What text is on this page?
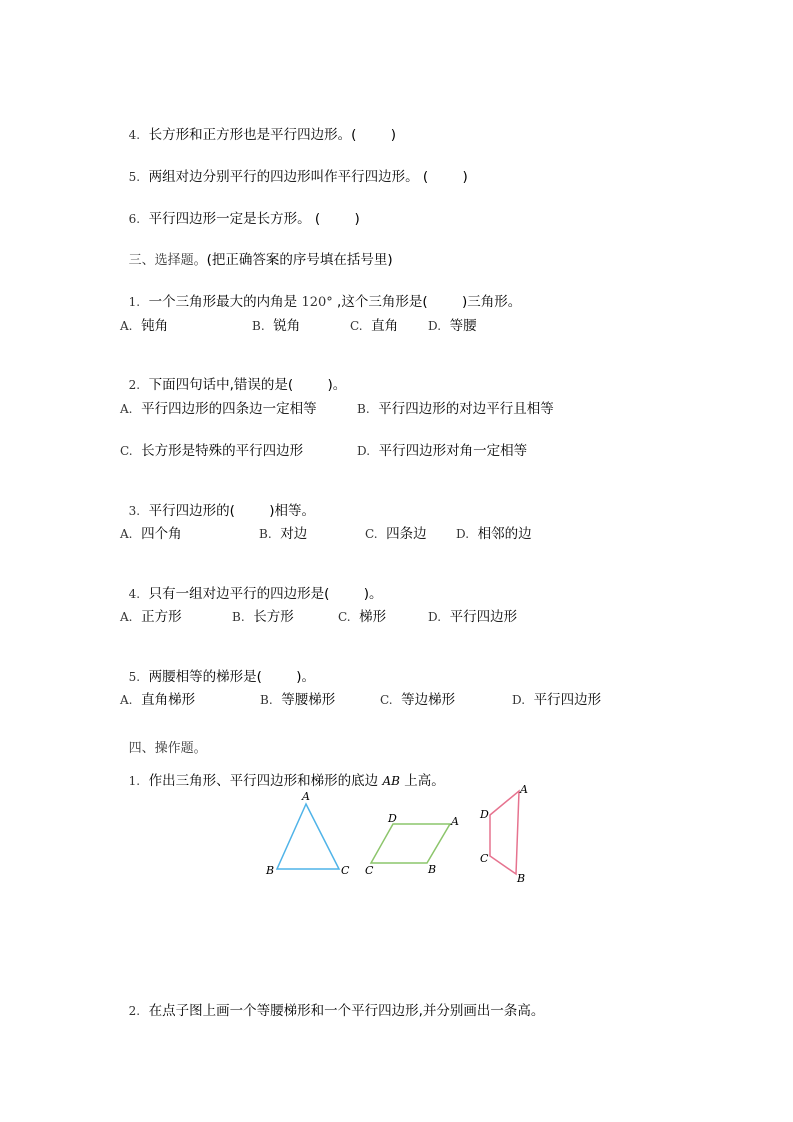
4. 长方形和正方形也是平行四边形。(        )

5. 两组对边分别平行的四边形叫作平行四边形。 (        )

6. 平行四边形一定是长方形。 (        )

三、选择题。(把正确答案的序号填在括号里)

1. 一个三角形最大的内角是 120° ,这个三角形是(        )三角形。

A. 钝角	B. 锐角	C. 直角 D. 等腰

2. 下面四句话中,错误的是(        )。

A. 平行四边形的四条边一定相等	B. 平行四边形的对边平行且相等
C. 长方形是特殊的平行四边形	D. 平行四边形对角一定相等

3. 平行四边形的(        )相等。

A. 四个角	B. 对边	C. 四条边 D. 相邻的边

4. 只有一组对边平行的四边形是(        )。

A. 正方形	B. 长方形	C. 梯形	D. 平行四边形

5. 两腰相等的梯形是(        )。

A. 直角梯形	B. 等腰梯形	C. 等边梯形	D. 平行四边形

四、操作题。

1. 作出三角形、平行四边形和梯形的底边 AB 上高。

A
B	C
D	A
C	B
A
D
C
B

2. 在点子图上画一个等腰梯形和一个平行四边形,并分别画出一条高。
